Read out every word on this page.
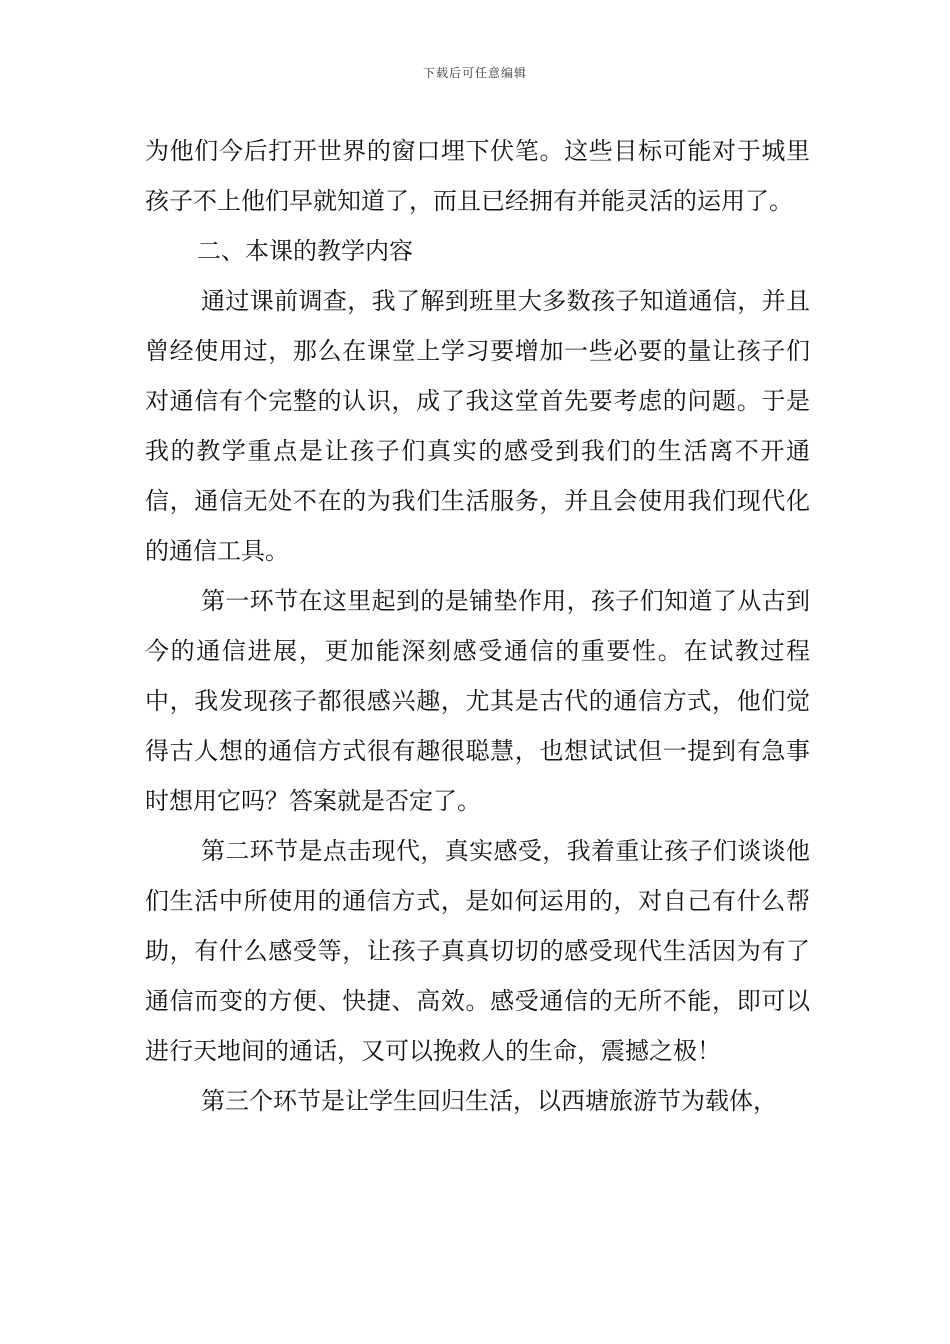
下载后可任意编辑

为他们今后打开世界的窗口埋下伏笔。这些目标可能对于城里孩子不上他们早就知道了，而且已经拥有并能灵活的运用了。

二、本课的教学内容

通过课前调查，我了解到班里大多数孩子知道通信，并且曾经使用过，那么在课堂上学习要增加一些必要的量让孩子们对通信有个完整的认识，成了我这堂首先要考虑的问题。于是我的教学重点是让孩子们真实的感受到我们的生活离不开通信，通信无处不在的为我们生活服务，并且会使用我们现代化的通信工具。

第一环节在这里起到的是铺垫作用，孩子们知道了从古到今的通信进展，更加能深刻感受通信的重要性。在试教过程中，我发现孩子都很感兴趣，尤其是古代的通信方式，他们觉得古人想的通信方式很有趣很聪慧，也想试试但一提到有急事时想用它吗？答案就是否定了。

第二环节是点击现代，真实感受，我着重让孩子们谈谈他们生活中所使用的通信方式，是如何运用的，对自己有什么帮助，有什么感受等，让孩子真真切切的感受现代生活因为有了通信而变的方便、快捷、高效。感受通信的无所不能，即可以进行天地间的通话，又可以挽救人的生命，震撼之极！

第三个环节是让学生回归生活，以西塘旅游节为载体，
